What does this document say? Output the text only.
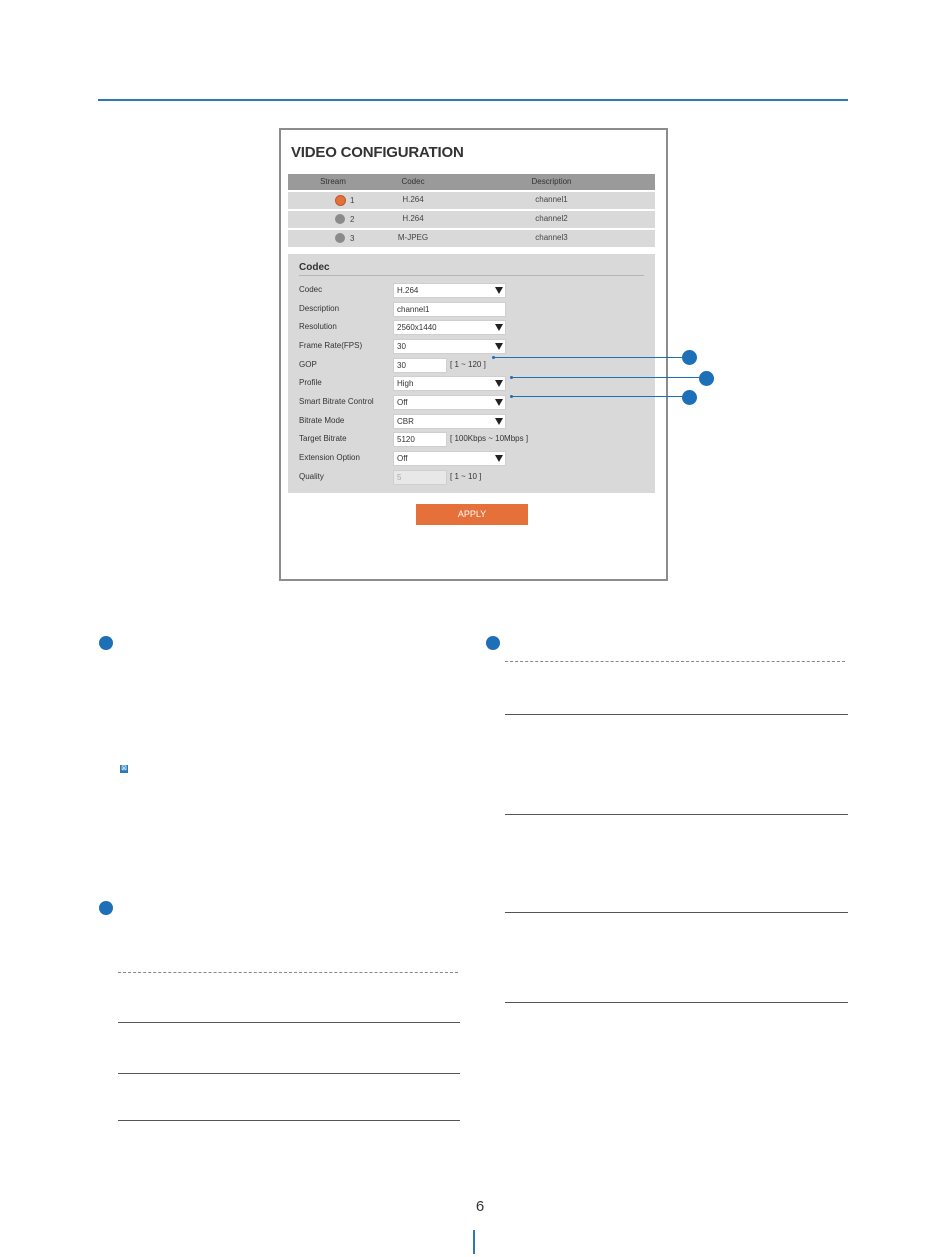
VIDEO CONFIGURATION
Stream	Codec	Description
1	H.264	channel1
2	H.264	channel2
3	M-JPEG	channel3
Codec
Codec	H.264
Description	channel1
Resolution	2560x1440
Frame Rate(FPS)	30
GOP	30	[ 1 ~ 120 ]
Profile	High
Smart Bitrate Control	Off
Bitrate Mode	CBR
Target Bitrate	5120	[ 100Kbps ~ 10Mbps ]
Extension Option	Off
Quality	5	[ 1 ~ 10 ]
APPLY
⊠
6
